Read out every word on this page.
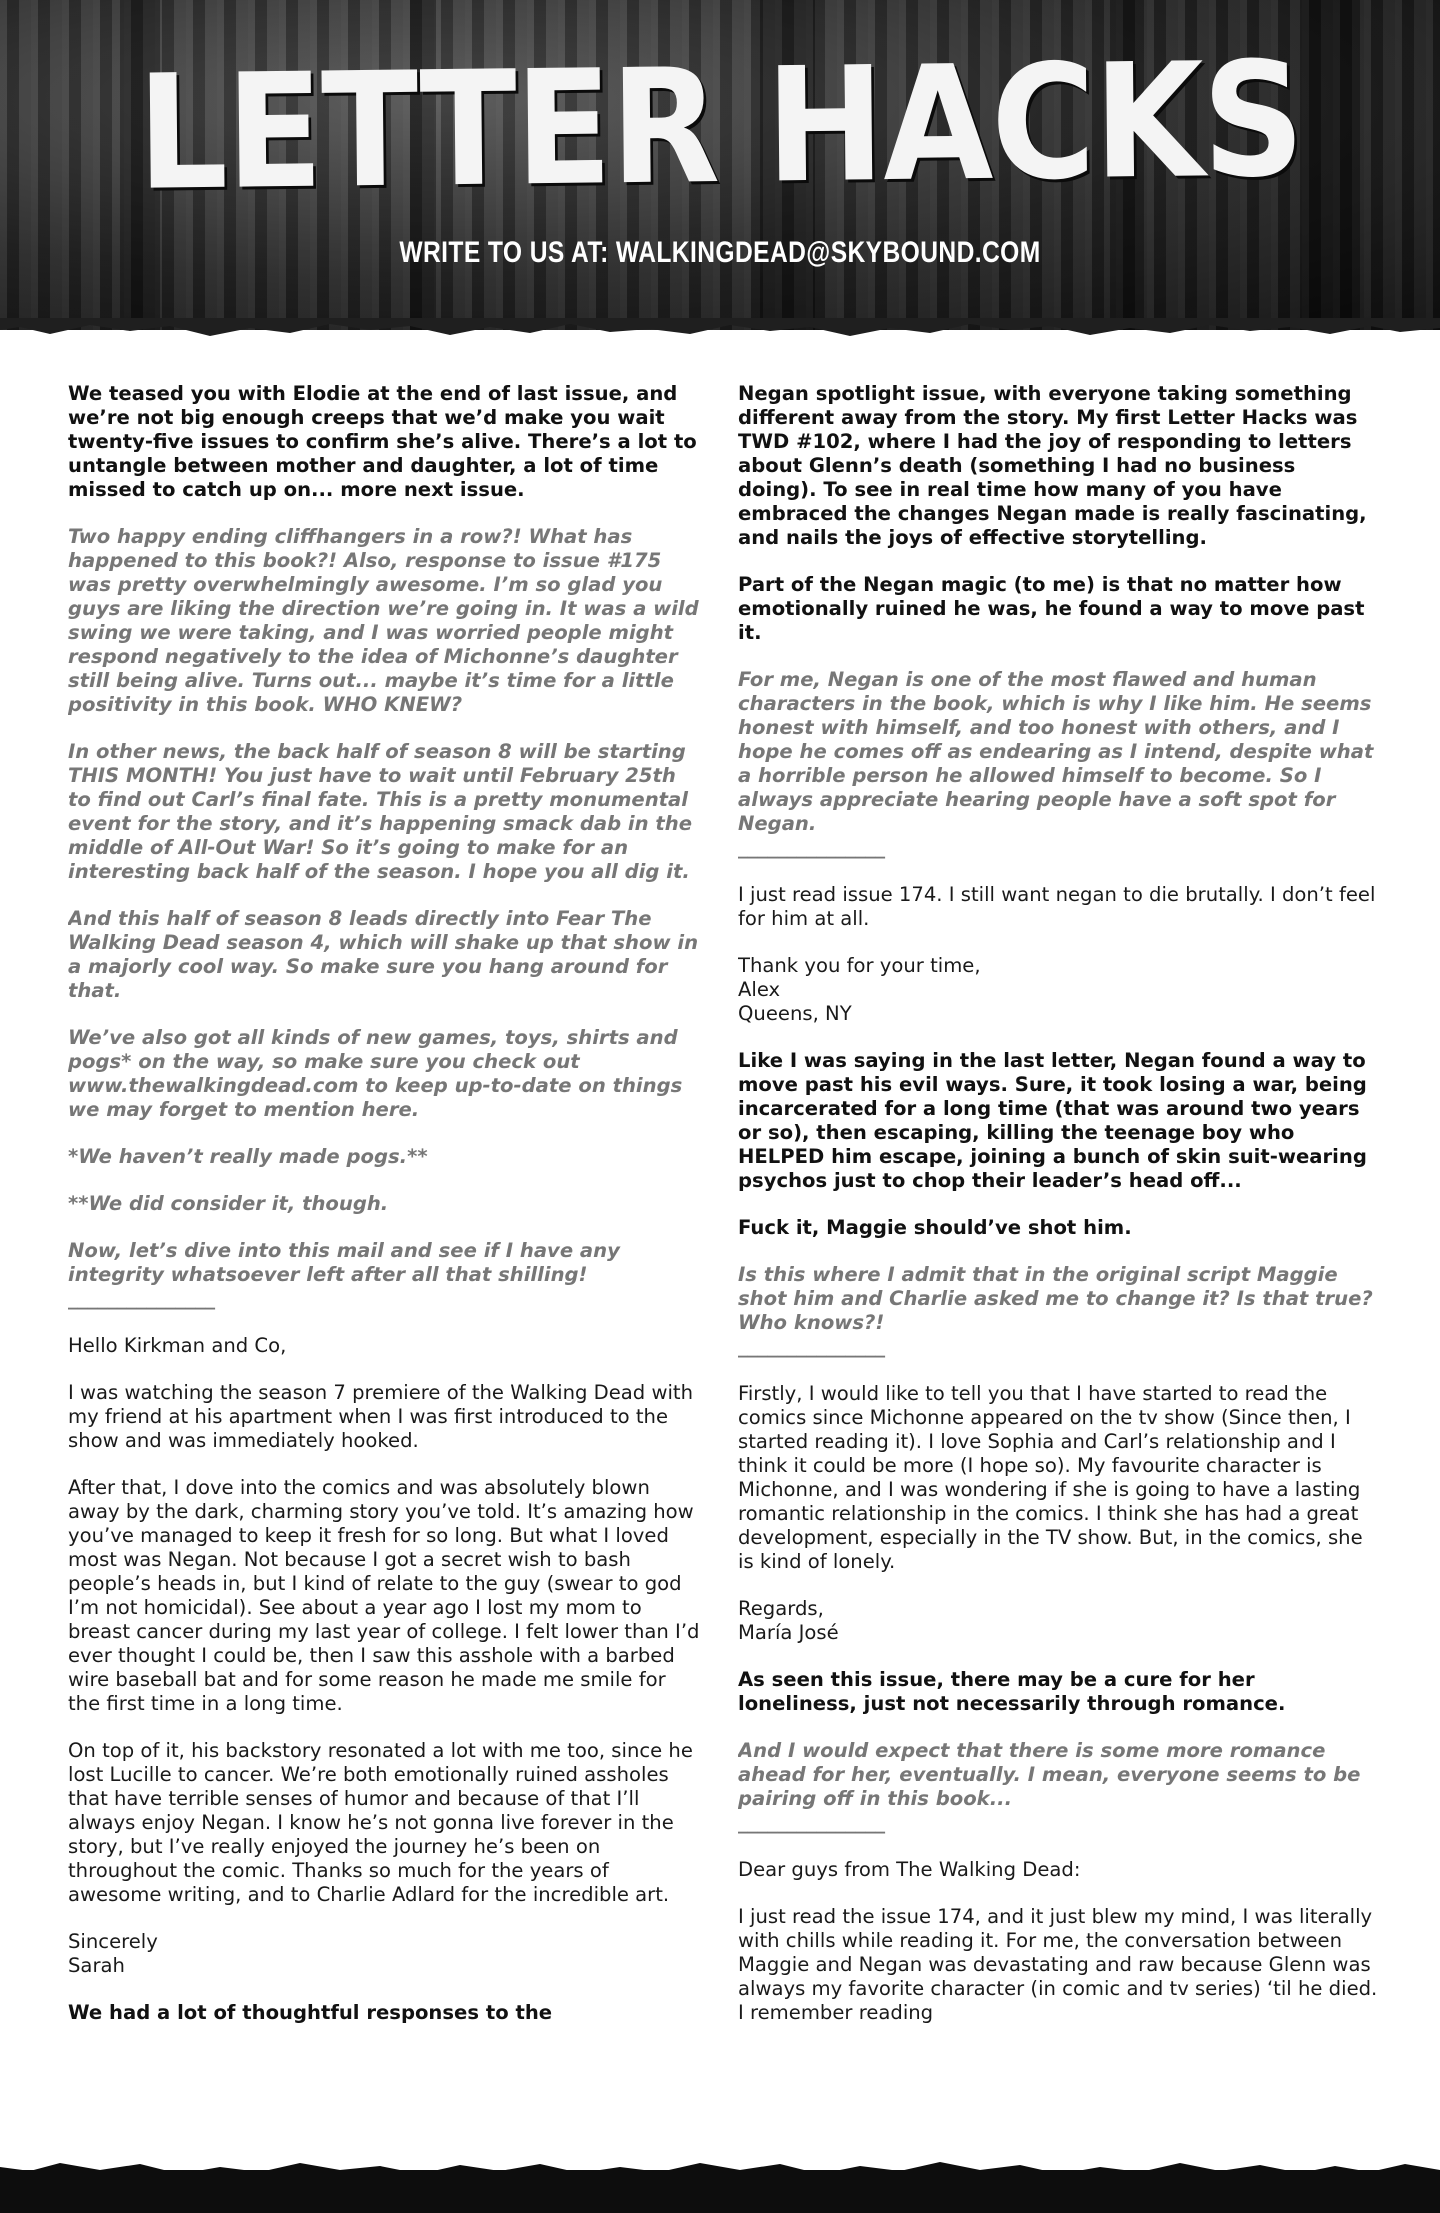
LETTER HACKS
WRITE TO US AT: WALKINGDEAD@SKYBOUND.COM

We teased you with Elodie at the end of last issue, and we’re not big enough creeps that we’d make you wait twenty-five issues to confirm she’s alive. There’s a lot to untangle between mother and daughter, a lot of time missed to catch up on... more next issue.

Two happy ending cliffhangers in a row?! What has happened to this book?! Also, response to issue #175 was pretty overwhelmingly awesome. I’m so glad you guys are liking the direction we’re going in. It was a wild swing we were taking, and I was worried people might respond negatively to the idea of Michonne’s daughter still being alive. Turns out... maybe it’s time for a little positivity in this book. WHO KNEW?

In other news, the back half of season 8 will be starting THIS MONTH! You just have to wait until February 25th to find out Carl’s final fate. This is a pretty monumental event for the story, and it’s happening smack dab in the middle of All-Out War! So it’s going to make for an interesting back half of the season. I hope you all dig it.

And this half of season 8 leads directly into Fear The Walking Dead season 4, which will shake up that show in a majorly cool way. So make sure you hang around for that.

We’ve also got all kinds of new games, toys, shirts and pogs* on the way, so make sure you check out www.thewalkingdead.com to keep up-to-date on things we may forget to mention here.

*We haven’t really made pogs.**

**We did consider it, though.

Now, let’s dive into this mail and see if I have any integrity whatsoever left after all that shilling!
_______________

Hello Kirkman and Co,

I was watching the season 7 premiere of the Walking Dead with my friend at his apartment when I was first introduced to the show and was immediately hooked.

After that, I dove into the comics and was absolutely blown away by the dark, charming story you’ve told. It’s amazing how you’ve managed to keep it fresh for so long. But what I loved most was Negan. Not because I got a secret wish to bash people’s heads in, but I kind of relate to the guy (swear to god I’m not homicidal). See about a year ago I lost my mom to breast cancer during my last year of college. I felt lower than I’d ever thought I could be, then I saw this asshole with a barbed wire baseball bat and for some reason he made me smile for the first time in a long time.

On top of it, his backstory resonated a lot with me too, since he lost Lucille to cancer. We’re both emotionally ruined assholes that have terrible senses of humor and because of that I’ll always enjoy Negan. I know he’s not gonna live forever in the story, but I’ve really enjoyed the journey he’s been on throughout the comic. Thanks so much for the years of awesome writing, and to Charlie Adlard for the incredible art.

Sincerely
Sarah

We had a lot of thoughtful responses to the

Negan spotlight issue, with everyone taking something different away from the story. My first Letter Hacks was TWD #102, where I had the joy of responding to letters about Glenn’s death (something I had no business doing). To see in real time how many of you have embraced the changes Negan made is really fascinating, and nails the joys of effective storytelling.

Part of the Negan magic (to me) is that no matter how emotionally ruined he was, he found a way to move past it.

For me, Negan is one of the most flawed and human characters in the book, which is why I like him. He seems honest with himself, and too honest with others, and I hope he comes off as endearing as I intend, despite what a horrible person he allowed himself to become. So I always appreciate hearing people have a soft spot for Negan.
_______________

I just read issue 174. I still want negan to die brutally. I don’t feel for him at all.

Thank you for your time,
Alex
Queens, NY

Like I was saying in the last letter, Negan found a way to move past his evil ways. Sure, it took losing a war, being incarcerated for a long time (that was around two years or so), then escaping, killing the teenage boy who HELPED him escape, joining a bunch of skin suit-wearing psychos just to chop their leader’s head off...

Fuck it, Maggie should’ve shot him.

Is this where I admit that in the original script Maggie shot him and Charlie asked me to change it? Is that true? Who knows?!
_______________

Firstly, I would like to tell you that I have started to read the comics since Michonne appeared on the tv show (Since then, I started reading it). I love Sophia and Carl’s relationship and I think it could be more (I hope so). My favourite character is Michonne, and I was wondering if she is going to have a lasting romantic relationship in the comics. I think she has had a great development, especially in the TV show. But, in the comics, she is kind of lonely.

Regards,
María José

As seen this issue, there may be a cure for her loneliness, just not necessarily through romance.

And I would expect that there is some more romance ahead for her, eventually. I mean, everyone seems to be pairing off in this book...
_______________

Dear guys from The Walking Dead:

I just read the issue 174, and it just blew my mind, I was literally with chills while reading it. For me, the conversation between Maggie and Negan was devastating and raw because Glenn was always my favorite character (in comic and tv series) ‘til he died. I remember reading
